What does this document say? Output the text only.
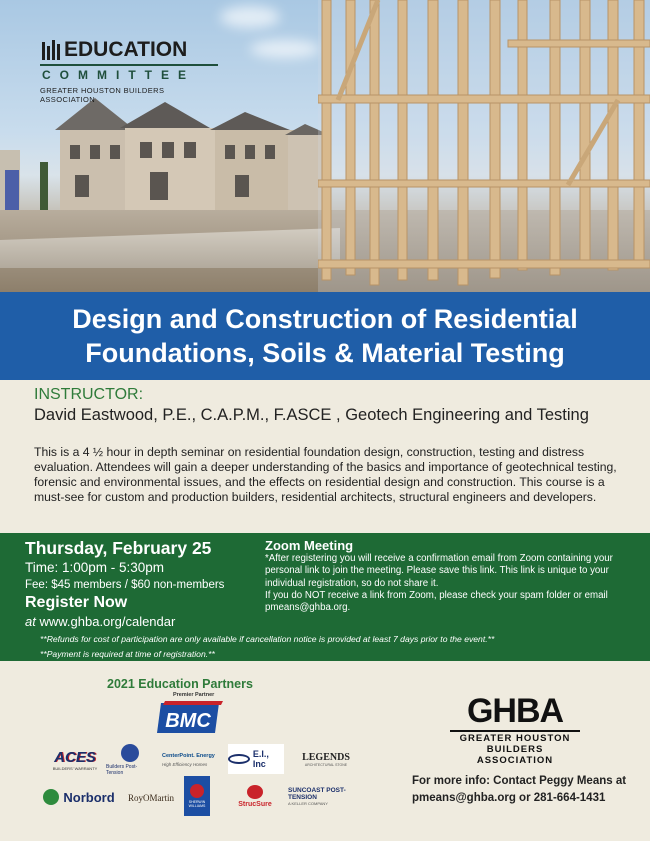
EDUCATION
COMMITTEE
GREATER HOUSTON BUILDERS ASSOCIATION
Design and Construction of Residential
Foundations, Soils & Material Testing
INSTRUCTOR:
David Eastwood, P.E., C.A.P.M., F.ASCE , Geotech Engineering and Testing
This is a 4 ½ hour in depth seminar on residential foundation design, construction, testing and distress evaluation. Attendees will gain a deeper understanding of the basics and importance of geotechnical testing, forensic and environmental issues, and the effects on residential design and construction. This course is a must-see for custom and production builders, residential architects, structural engineers and developers.
Thursday, February 25
Time: 1:00pm - 5:30pm
Fee: $45 members / $60 non-members
Register Now
at www.ghba.org/calendar
Zoom Meeting
*After registering you will receive a confirmation email from Zoom containing your
personal link to join the meeting. Please save this link. This link is unique to your
individual registration, so do not share it.
If you do NOT receive a link from Zoom, please check your spam folder or email
pmeans@ghba.org.
**Refunds for cost of participation are only available if cancellation notice is provided at least 7 days prior to the event.**
**Payment is required at time of registration.**
2021 Education Partners
Premier Partner
BMC
ACES
BUILDERS' WARRANTY Builders Post-Tension
CenterPoint. Energy
High Efficiency Homes
E.I., Inc
LEGENDS
ARCHITECTURAL STONE
Norbord RoyOMartin	SHERWIN WILLIAMS	StrucSure
SUNCOAST POST-TENSION
A KELLER COMPANY
GHBA
GREATER HOUSTON
BUILDERS ASSOCIATION
For more info: Contact Peggy Means at
pmeans@ghba.org or 281-664-1431
